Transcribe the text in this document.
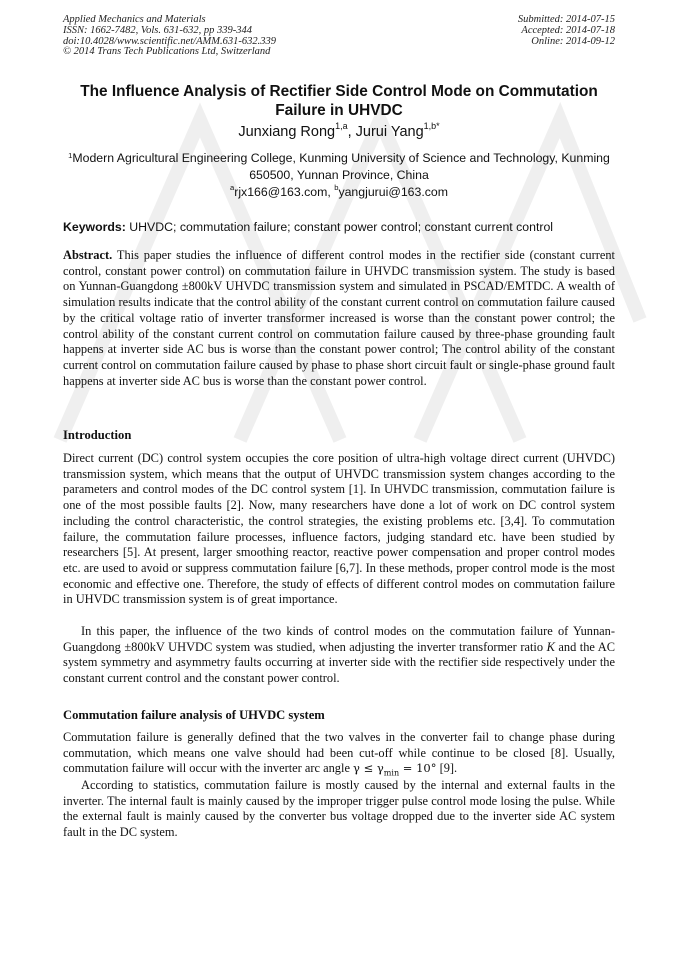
Applied Mechanics and Materials
ISSN: 1662-7482, Vols. 631-632, pp 339-344
doi:10.4028/www.scientific.net/AMM.631-632.339
© 2014 Trans Tech Publications Ltd, Switzerland
Submitted: 2014-07-15
Accepted: 2014-07-18
Online: 2014-09-12
The Influence Analysis of Rectifier Side Control Mode on Commutation Failure in UHVDC
Junxiang Rong$^{1,a}$, Jurui Yang$^{1,b*}$
$^1$Modern Agricultural Engineering College, Kunming University of Science and Technology, Kunming 650500, Yunnan Province, China
$^a$rjx166@163.com, $^b$yangjurui@163.com
Keywords: UHVDC; commutation failure; constant power control; constant current control
Abstract. This paper studies the influence of different control modes in the rectifier side (constant current control, constant power control) on commutation failure in UHVDC transmission system. The study is based on Yunnan-Guangdong ±800kV UHVDC transmission system and simulated in PSCAD/EMTDC. A wealth of simulation results indicate that the control ability of the constant current control on commutation failure caused by the critical voltage ratio of inverter transformer increased is worse than the constant power control; the control ability of the constant current control on commutation failure caused by three-phase grounding fault happens at inverter side AC bus is worse than the constant power control; The control ability of the constant current control on commutation failure caused by phase to phase short circuit fault or single-phase ground fault happens at inverter side AC bus is worse than the constant power control.
Introduction
Direct current (DC) control system occupies the core position of ultra-high voltage direct current (UHVDC) transmission system, which means that the output of UHVDC transmission system changes according to the parameters and control modes of the DC control system [1]. In UHVDC transmission, commutation failure is one of the most possible faults [2]. Now, many researchers have done a lot of work on DC control system including the control characteristic, the control strategies, the existing problems etc. [3,4]. To commutation failure, the commutation failure processes, influence factors, judging standard etc. have been studied by researchers [5]. At present, larger smoothing reactor, reactive power compensation and proper control modes etc. are used to avoid or suppress commutation failure [6,7]. In these methods, proper control mode is the most economic and effective one. Therefore, the study of effects of different control modes on commutation failure in UHVDC transmission system is of great importance.
In this paper, the influence of the two kinds of control modes on the commutation failure of Yunnan-Guangdong ±800kV UHVDC system was studied, when adjusting the inverter transformer ratio K and the AC system symmetry and asymmetry faults occurring at inverter side with the rectifier side respectively under the constant current control and the constant power control.
Commutation failure analysis of UHVDC system
Commutation failure is generally defined that the two valves in the converter fail to change phase during commutation, which means one valve should had been cut-off while continue to be closed [8]. Usually, commutation failure will occur with the inverter arc angle $\gamma \le \gamma_{min} = 10^\circ$ [9].
According to statistics, commutation failure is mostly caused by the internal and external faults in the inverter. The internal fault is mainly caused by the improper trigger pulse control mode losing the pulse. While the external fault is mainly caused by the converter bus voltage dropped due to the inverter side AC system fault in the DC system.
